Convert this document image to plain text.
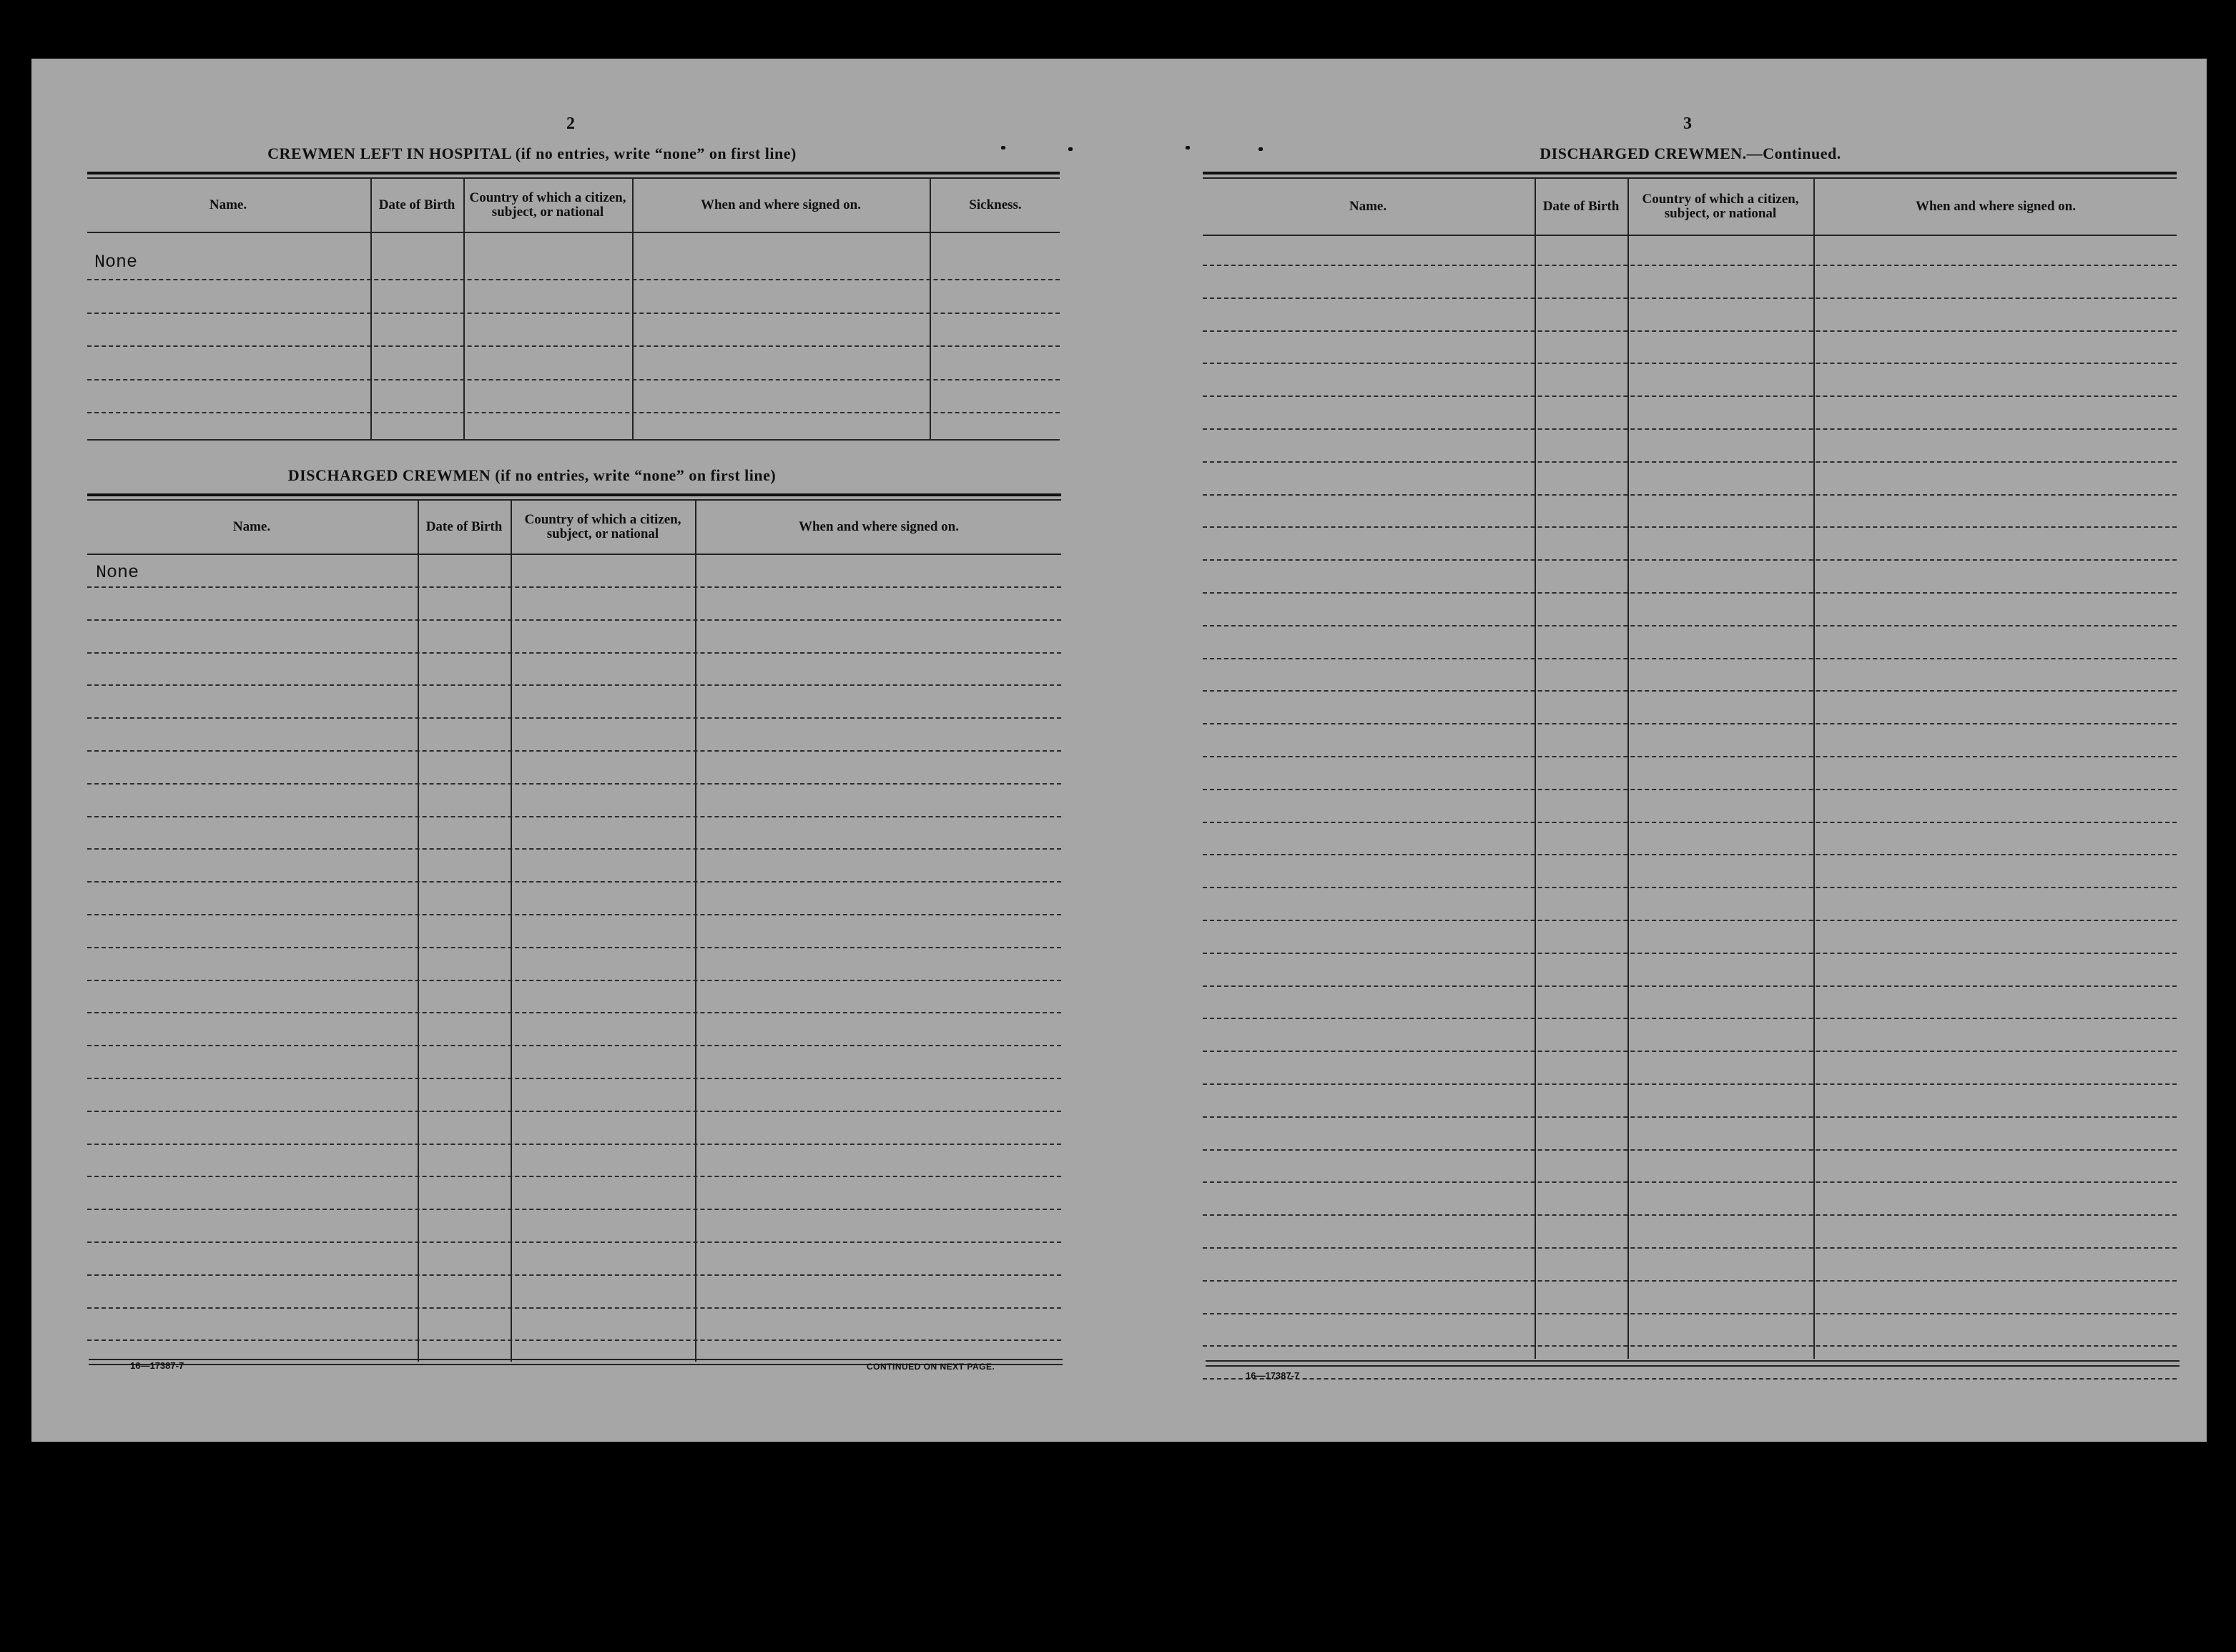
2
CREWMEN LEFT IN HOSPITAL (if no entries, write “none” on first line)
Name.	Date of Birth	Country of which a citizen, subject, or national	When and where signed on.	Sickness.
None
DISCHARGED CREWMEN (if no entries, write “none” on first line)
Name.	Date of Birth	Country of which a citizen, subject, or national	When and where signed on.
None
16—17387-7	CONTINUED ON NEXT PAGE.
3
DISCHARGED CREWMEN.—Continued.
Name.	Date of Birth	Country of which a citizen, subject, or national	When and where signed on.
16—17387-7
